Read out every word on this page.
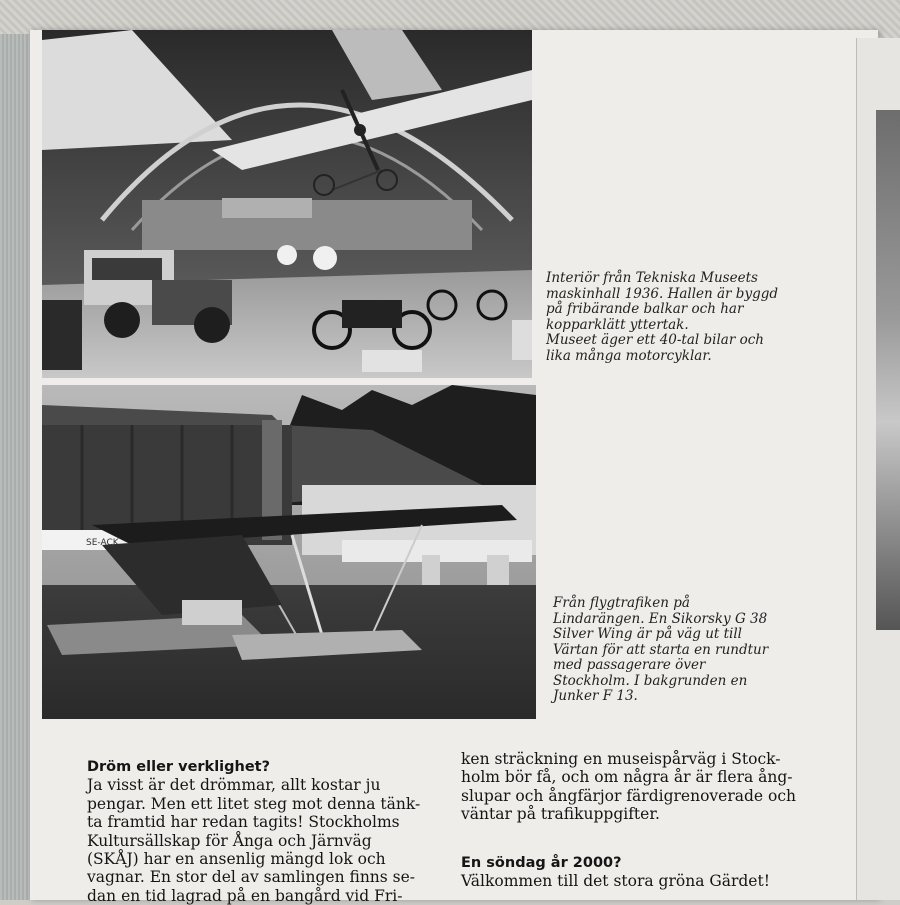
SE-ACK
Interiör från Tekniska Museets
maskinhall 1936. Hallen är byggd
på fribärande balkar och har
kopparklätt yttertak.
Museet äger ett 40-tal bilar och
lika många motorcyklar.
Från flygtrafiken på
Lindarängen. En Sikorsky G 38
Silver Wing är på väg ut till
Värtan för att starta en rundtur
med passagerare över
Stockholm. I bakgrunden en
Junker F 13.
Dröm eller verklighet?
Ja visst är det drömmar, allt kostar ju
pengar. Men ett litet steg mot denna tänk-
ta framtid har redan tagits! Stockholms
Kultursällskap för Ånga och Järnväg
(SKÅJ) har en ansenlig mängd lok och
vagnar. En stor del av samlingen finns se-
dan en tid lagrad på en bangård vid Fri-
ken sträckning en museispårväg i Stock-
holm bör få, och om några år är flera ång-
slupar och ångfärjor färdigrenoverade och
väntar på trafikuppgifter.
En söndag år 2000?
Välkommen till det stora gröna Gärdet!
